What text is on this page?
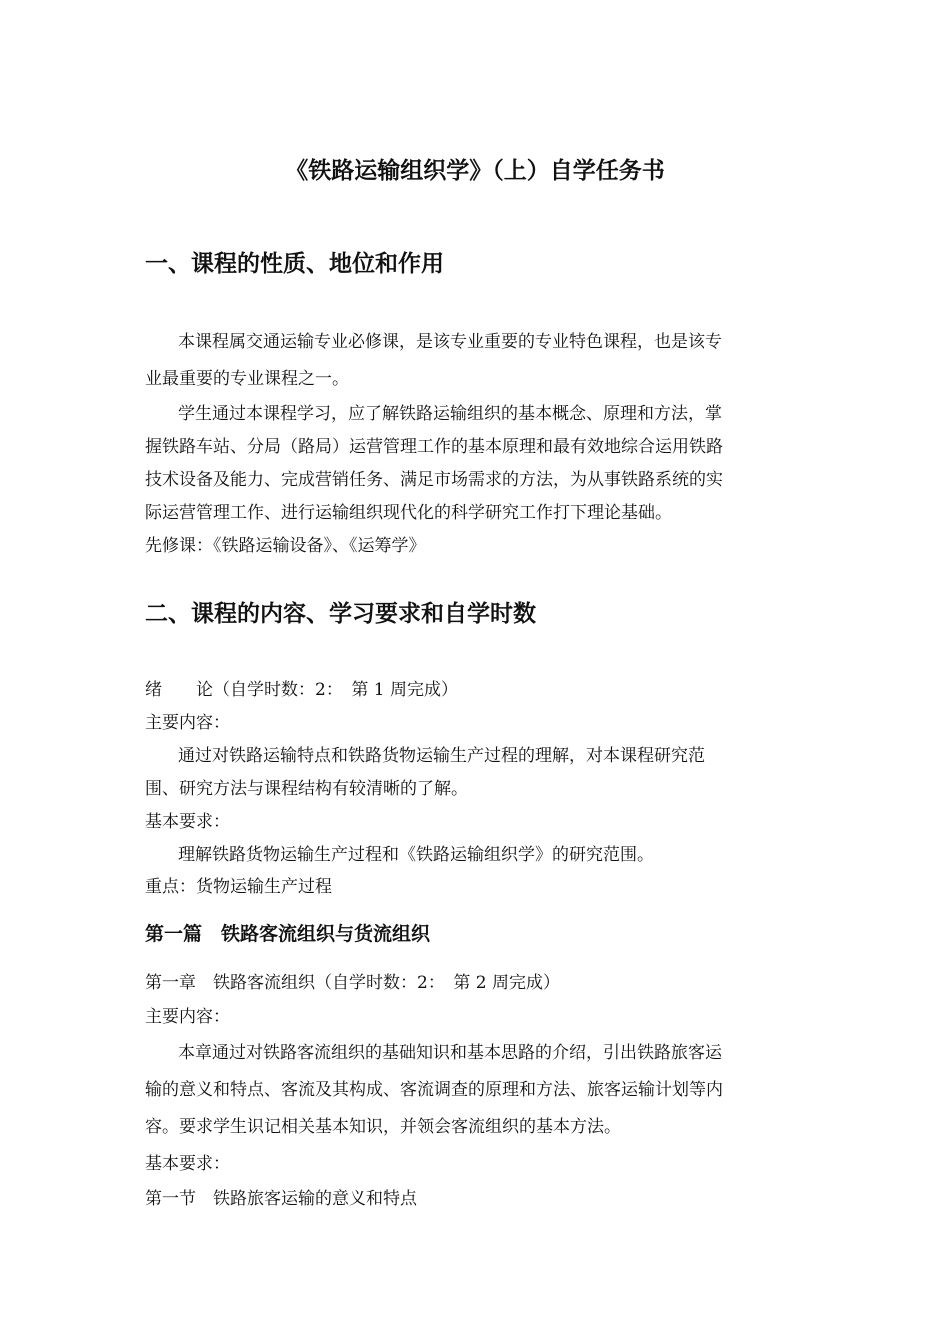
《铁路运输组织学》（上）自学任务书
一、课程的性质、地位和作用
本课程属交通运输专业必修课，是该专业重要的专业特色课程，也是该专
业最重要的专业课程之一。
学生通过本课程学习，应了解铁路运输组织的基本概念、原理和方法，掌
握铁路车站、分局（路局）运营管理工作的基本原理和最有效地综合运用铁路
技术设备及能力、完成营销任务、满足市场需求的方法，为从事铁路系统的实
际运营管理工作、进行运输组织现代化的科学研究工作打下理论基础。
先修课：《铁路运输设备》、《运筹学》
二、课程的内容、学习要求和自学时数
绪　　论（自学时数：2：　第 1 周完成）
主要内容：
通过对铁路运输特点和铁路货物运输生产过程的理解，对本课程研究范
围、研究方法与课程结构有较清晰的了解。
基本要求：
理解铁路货物运输生产过程和《铁路运输组织学》的研究范围。
重点：货物运输生产过程
第一篇　铁路客流组织与货流组织
第一章　铁路客流组织（自学时数：2：　第 2 周完成）
主要内容：
本章通过对铁路客流组织的基础知识和基本思路的介绍，引出铁路旅客运
输的意义和特点、客流及其构成、客流调查的原理和方法、旅客运输计划等内
容。要求学生识记相关基本知识，并领会客流组织的基本方法。
基本要求：
第一节　铁路旅客运输的意义和特点
